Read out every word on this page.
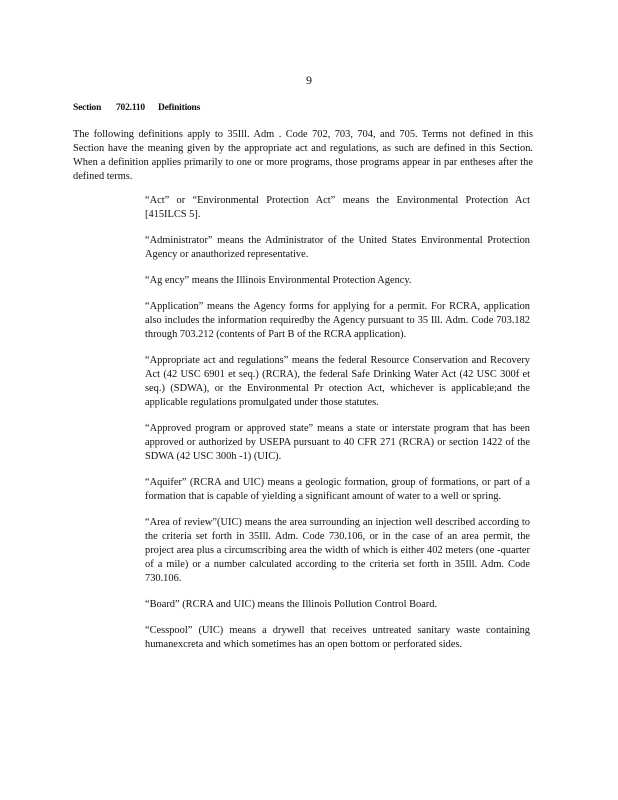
9
Section 702.110 Definitions

The following definitions apply to 35Ill. Adm . Code 702, 703, 704, and 705. Terms not defined in this Section have the meaning given by the appropriate act and regulations, as such are defined in this Section. When a definition applies primarily to one or more programs, those programs appear in par entheses after the defined terms.

“Act” or “Environmental Protection Act” means the Environmental Protection Act [415ILCS 5].
“Administrator” means the Administrator of the United States Environmental Protection Agency or anauthorized representative.
“Ag ency” means the Illinois Environmental Protection Agency.
“Application” means the Agency forms for applying for a permit. For RCRA, application also includes the information requiredby the Agency pursuant to 35 Ill. Adm. Code 703.182 through 703.212 (contents of Part B of the RCRA application).
“Appropriate act and regulations” means the federal Resource Conservation and Recovery Act (42 USC 6901 et seq.) (RCRA), the federal Safe Drinking Water Act (42 USC 300f et seq.) (SDWA), or the Environmental Pr otection Act, whichever is applicable;and the applicable regulations promulgated under those statutes.
“Approved program or approved state” means a state or interstate program that has been approved or authorized by USEPA pursuant to 40 CFR 271 (RCRA) or section 1422 of the SDWA (42 USC 300h -1) (UIC).
“Aquifer” (RCRA and UIC) means a geologic formation, group of formations, or part of a formation that is capable of yielding a significant amount of water to a well or spring.
“Area of review”(UIC) means the area surrounding an injection well described according to the criteria set forth in 35Ill. Adm. Code 730.106, or in the case of an area permit, the project area plus a circumscribing area the width of which is either 402 meters (one -quarter of a mile) or a number calculated according to the criteria set forth in 35Ill. Adm. Code 730.106.
“Board” (RCRA and UIC) means the Illinois Pollution Control Board.
“Cesspool” (UIC) means a drywell that receives untreated sanitary waste containing humanexcreta and which sometimes has an open bottom or perforated sides.
